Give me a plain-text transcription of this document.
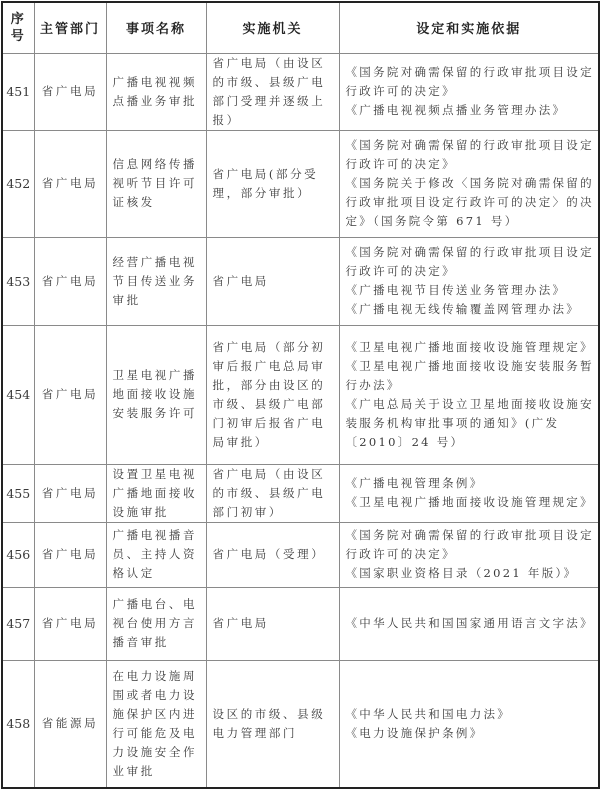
序
号	主管部门	事项名称	实施机关	设定和实施依据
451	省广电局	广播电视视频点播业务审批	省广电局（由设区的市级、县级广电部门受理并逐级上报）	《国务院对确需保留的行政审批项目设定行政许可的决定》
《广播电视视频点播业务管理办法》

452	省广电局	信息网络传播视听节目许可证核发	省广电局(部分受理，部分审批）	《国务院对确需保留的行政审批项目设定行政许可的决定》
《国务院关于修改〈国务院对确需保留的行政审批项目设定行政许可的决定〉的决定》（国务院令第 671 号）

453	省广电局	经营广播电视节目传送业务审批	省广电局	《国务院对确需保留的行政审批项目设定行政许可的决定》
《广播电视节目传送业务管理办法》
《广播电视无线传输覆盖网管理办法》

454	省广电局	卫星电视广播地面接收设施安装服务许可	省广电局（部分初审后报广电总局审批，部分由设区的市级、县级广电部门初审后报省广电局审批）	《卫星电视广播地面接收设施管理规定》
《卫星电视广播地面接收设施安装服务暂行办法》
《广电总局关于设立卫星地面接收设施安装服务机构审批事项的通知》(广发〔2010〕24 号）

455	省广电局	设置卫星电视广播地面接收设施审批	省广电局（由设区的市级、县级广电部门初审）	《广播电视管理条例》
《卫星电视广播地面接收设施管理规定》

456	省广电局	广播电视播音员、主持人资格认定	省广电局（受理）	《国务院对确需保留的行政审批项目设定行政许可的决定》
《国家职业资格目录（2021 年版）》

457	省广电局	广播电台、电视台使用方言播音审批	省广电局	《中华人民共和国国家通用语言文字法》

458	省能源局	在电力设施周围或者电力设施保护区内进行可能危及电力设施安全作业审批	设区的市级、县级电力管理部门	《中华人民共和国电力法》
《电力设施保护条例》
